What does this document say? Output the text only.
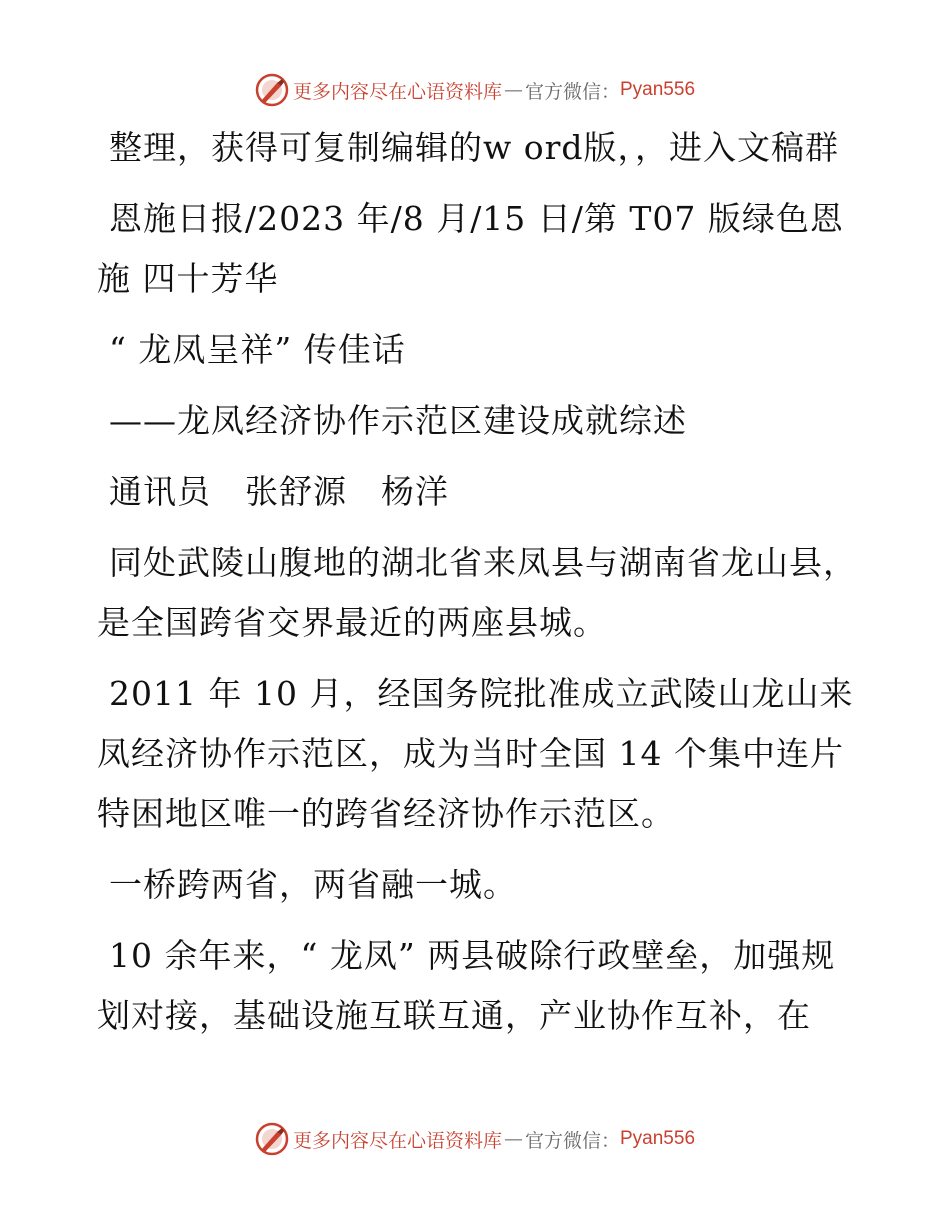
更多内容尽在心语资料库 — 官方微信： Pyan556

整理，获得可复制编辑的w ord版，，进入文稿群

恩施日报/2023 年/8 月/15 日/第 T07 版绿色恩施 四十芳华

“ 龙凤呈祥” 传佳话

——龙凤经济协作示范区建设成就综述

通讯员　张舒源　杨洋

同处武陵山腹地的湖北省来凤县与湖南省龙山县，是全国跨省交界最近的两座县城。

2011 年 10 月，经国务院批准成立武陵山龙山来凤经济协作示范区，成为当时全国 14 个集中连片特困地区唯一的跨省经济协作示范区。

一桥跨两省，两省融一城。

10 余年来，“ 龙凤” 两县破除行政壁垒，加强规划对接，基础设施互联互通，产业协作互补，在

更多内容尽在心语资料库 — 官方微信： Pyan556
